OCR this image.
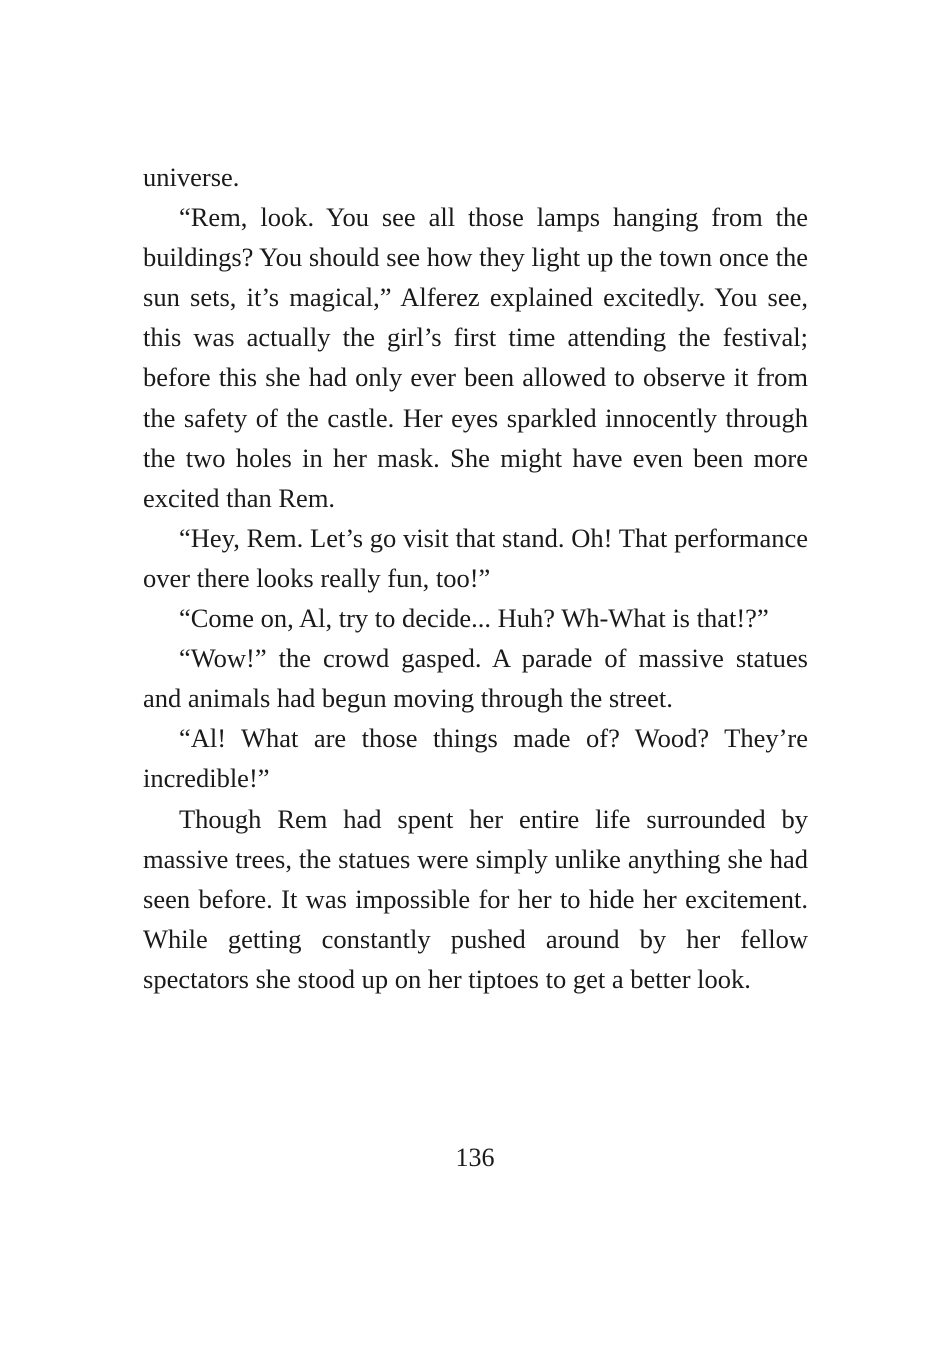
universe.

“Rem, look. You see all those lamps hanging from the buildings? You should see how they light up the town once the sun sets, it’s magical,” Alferez explained excitedly. You see, this was actually the girl’s first time attending the festival; before this she had only ever been allowed to observe it from the safety of the castle. Her eyes sparkled innocently through the two holes in her mask. She might have even been more excited than Rem.

“Hey, Rem. Let’s go visit that stand. Oh! That performance over there looks really fun, too!”

“Come on, Al, try to decide... Huh? Wh-What is that!?”

“Wow!” the crowd gasped. A parade of massive statues and animals had begun moving through the street.

“Al! What are those things made of? Wood? They’re incredible!”

Though Rem had spent her entire life surrounded by massive trees, the statues were simply unlike anything she had seen before. It was impossible for her to hide her excitement. While getting constantly pushed around by her fellow spectators she stood up on her tiptoes to get a better look.

136
